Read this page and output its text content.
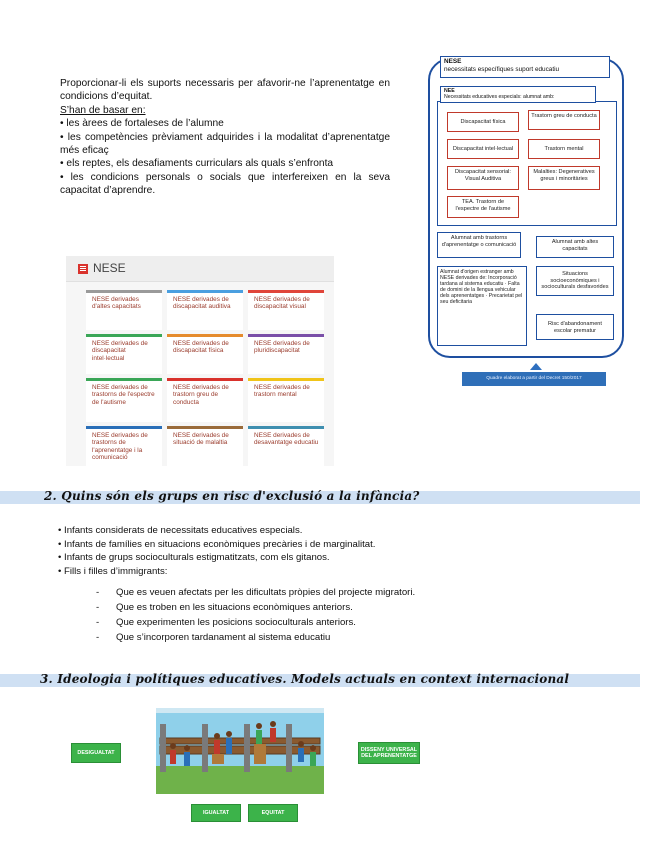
Proporcionar-li els suports necessaris per afavorir-ne l’aprenentatge en condicions d’equitat.

S’han de basar en:

• les àrees de fortaleses de l’alumne

• les competències prèviament adquirides i la modalitat d’aprenentatge més eficaç

• els reptes, els desafiaments curriculars als quals s’enfronta

• les condicions personals o socials que interfereixen en la seva capacitat d’aprendre.

NESE
NESE derivades d'altes capacitats
NESE derivades de discapacitat auditiva
NESE derivades de discapacitat visual
NESE derivades de discapacitat intel·lectual
NESE derivades de discapacitat física
NESE derivades de pluridiscapacitat
NESE derivades de trastorns de l'espectre de l'autisme
NESE derivades de trastorn greu de conducta
NESE derivades de trastorn mental
NESE derivades de trastorns de l'aprenentatge i la comunicació
NESE derivades de situació de malaltia
NESE derivades de desavantatge educatiu
NESE
necessitats específiques suport educatiu
NEE
Necessitats educatives especials: alumnat amb:
Discapacitat física
Trastorn greu de conducta
Discapacitat intel·lectual	Trastorn mental
Discapacitat sensorial: Visual Auditiva
Malalties: Degeneratives greus i minoritàries
TEA. Trastorn de l'espectre de l'autisme
Alumnat amb trastorns d'aprenentatge o comunicació	Alumnat amb altes capacitats
Alumnat d'origen estranger amb NESE derivades de: Incorporació tardana al sistema educatiu · Falta de domini de la llengua vehicular dels aprenentatges · Precarietat pel seu deficitaria
Situacions socioeconòmiques i socioculturals desfavorides
Risc d'abandonament escolar prematur
Quadre elaborat a partir del Decret 150/2017
2. Quins són els grups en risc d'exclusió a la infància?
• Infants considerats de necessitats educatives especials.
• Infants de famílies en situacions econòmiques precàries i de marginalitat.
• Infants de grups socioculturals estigmatitzats, com els gitanos.
• Fills i filles d’immigrants:
- Que es veuen afectats per les dificultats pròpies del projecte migratori.
- Que es troben en les situacions econòmiques anteriors.
- Que experimenten les posicions socioculturals anteriors.
- Que s’incorporen tardanament al sistema educatiu
3. Ideologia i polítiques educatives. Models actuals en context internacional
DESIGUALTAT	DISSENY UNIVERSAL DEL APRENENTATGE
IGUALTAT	EQUITAT
